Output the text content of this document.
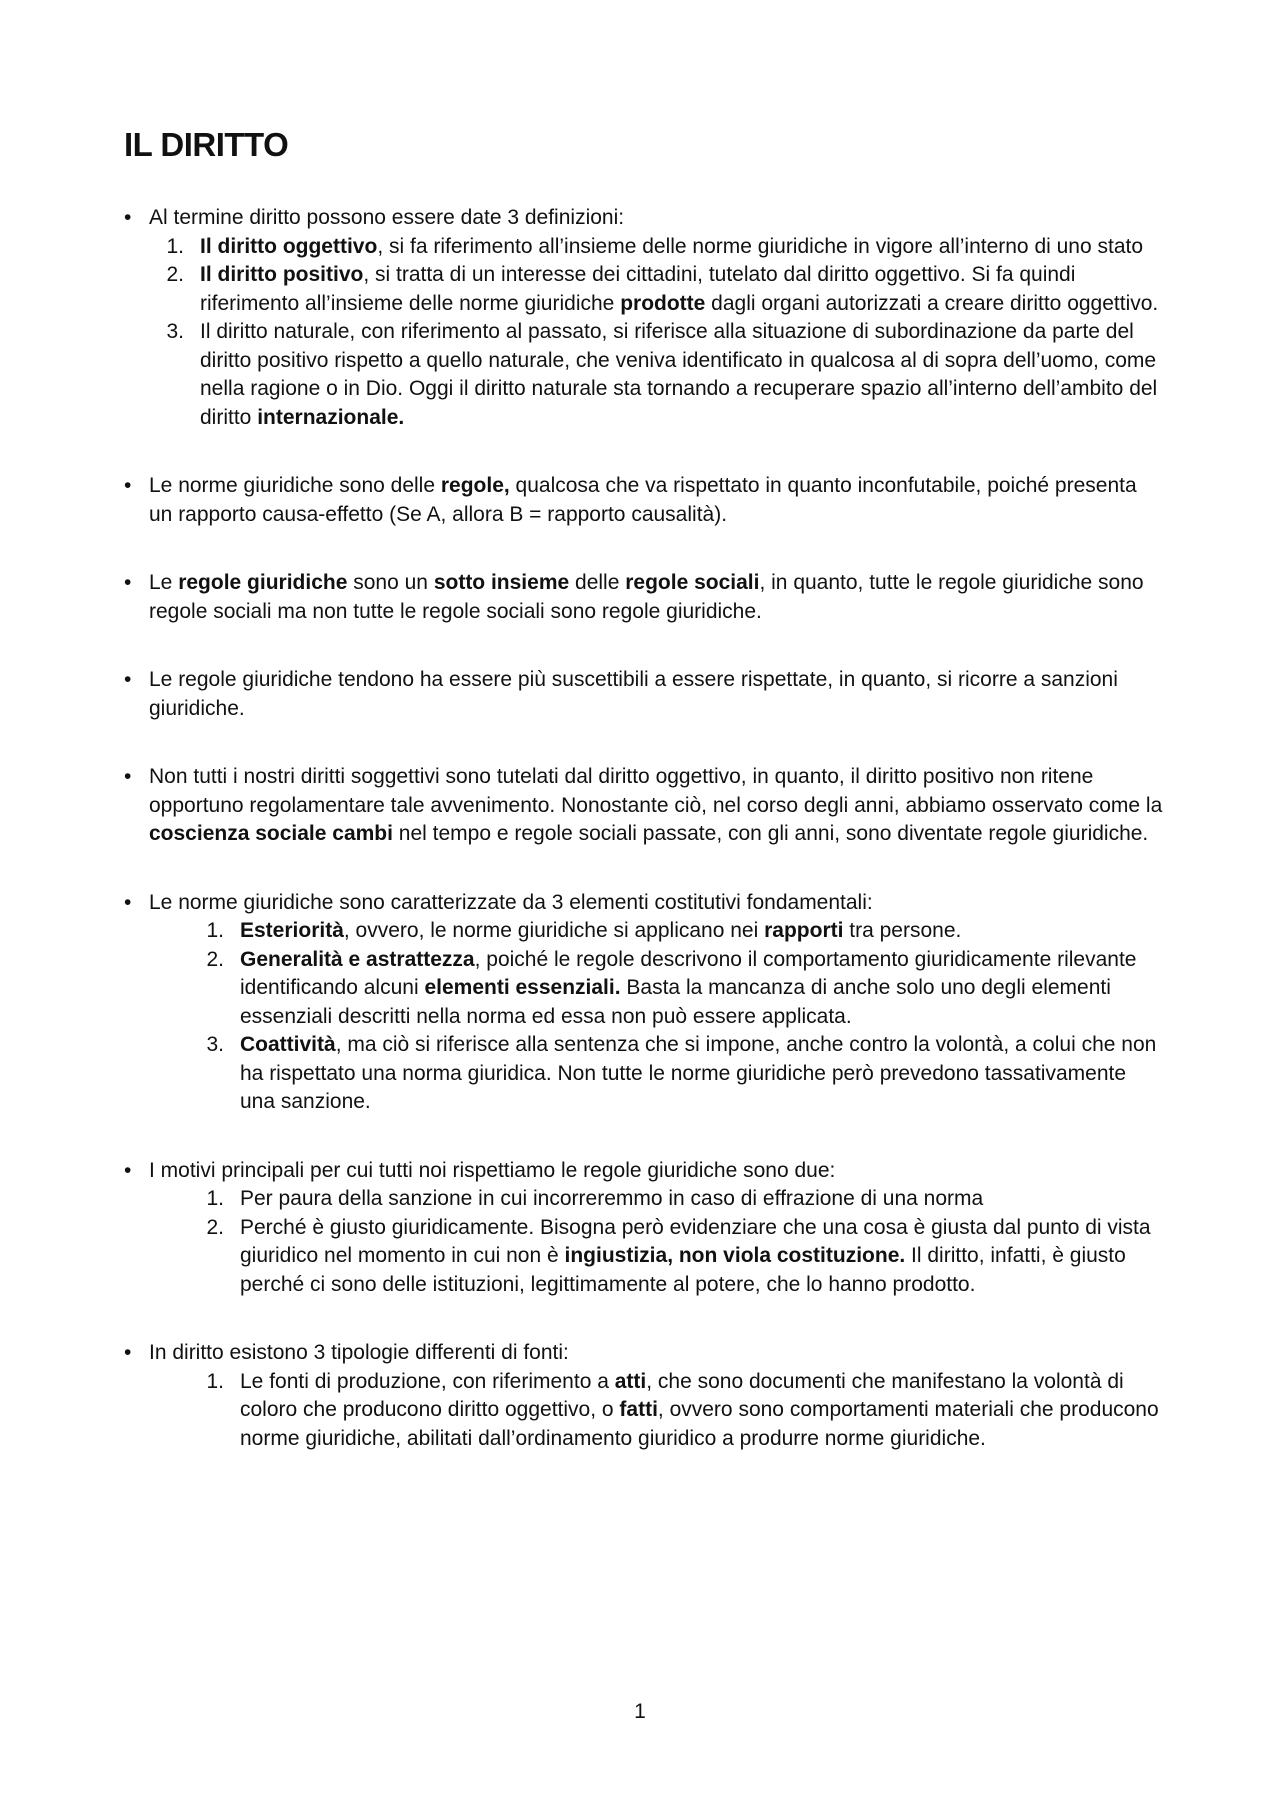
IL DIRITTO
•
Al termine diritto possono essere date 3 definizioni:
1. Il diritto oggettivo, si fa riferimento all’insieme delle norme giuridiche in vigore all’interno di uno stato
2. Il diritto positivo, si tratta di un interesse dei cittadini, tutelato dal diritto oggettivo. Si fa quindi riferimento all’insieme delle norme giuridiche prodotte dagli organi autorizzati a creare diritto oggettivo.
3. Il diritto naturale, con riferimento al passato, si riferisce alla situazione di subordinazione da parte del diritto positivo rispetto a quello naturale, che veniva identificato in qualcosa al di sopra dell’uomo, come nella ragione o in Dio. Oggi il diritto naturale sta tornando a recuperare spazio all’interno dell’ambito del diritto internazionale.
•
Le norme giuridiche sono delle regole, qualcosa che va rispettato in quanto inconfutabile, poiché presenta un rapporto causa-effetto (Se A, allora B = rapporto causalità).
•
Le regole giuridiche sono un sotto insieme delle regole sociali, in quanto, tutte le regole giuridiche sono regole sociali ma non tutte le regole sociali sono regole giuridiche.
•
Le regole giuridiche tendono ha essere più suscettibili a essere rispettate, in quanto, si ricorre a sanzioni giuridiche.
•
Non tutti i nostri diritti soggettivi sono tutelati dal diritto oggettivo, in quanto, il diritto positivo non ritene opportuno regolamentare tale avvenimento. Nonostante ciò, nel corso degli anni, abbiamo osservato come la coscienza sociale cambi nel tempo e regole sociali passate, con gli anni, sono diventate regole giuridiche.
•
Le norme giuridiche sono caratterizzate da 3 elementi costitutivi fondamentali:
1. Esteriorità, ovvero, le norme giuridiche si applicano nei rapporti tra persone.
2. Generalità e astrattezza, poiché le regole descrivono il comportamento giuridicamente rilevante identificando alcuni elementi essenziali. Basta la mancanza di anche solo uno degli elementi essenziali descritti nella norma ed essa non può essere applicata.
3. Coattività, ma ciò si riferisce alla sentenza che si impone, anche contro la volontà, a colui che non ha rispettato una norma giuridica. Non tutte le norme giuridiche però prevedono tassativamente una sanzione.
•
I motivi principali per cui tutti noi rispettiamo le regole giuridiche sono due:
1. Per paura della sanzione in cui incorreremmo in caso di effrazione di una norma
2. Perché è giusto giuridicamente. Bisogna però evidenziare che una cosa è giusta dal punto di vista giuridico nel momento in cui non è ingiustizia, non viola costituzione. Il diritto, infatti, è giusto perché ci sono delle istituzioni, legittimamente al potere, che lo hanno prodotto.
•
In diritto esistono 3 tipologie differenti di fonti:
1. Le fonti di produzione, con riferimento a atti, che sono documenti che manifestano la volontà di coloro che producono diritto oggettivo, o fatti, ovvero sono comportamenti materiali che producono norme giuridiche, abilitati dall’ordinamento giuridico a produrre norme giuridiche.
1
